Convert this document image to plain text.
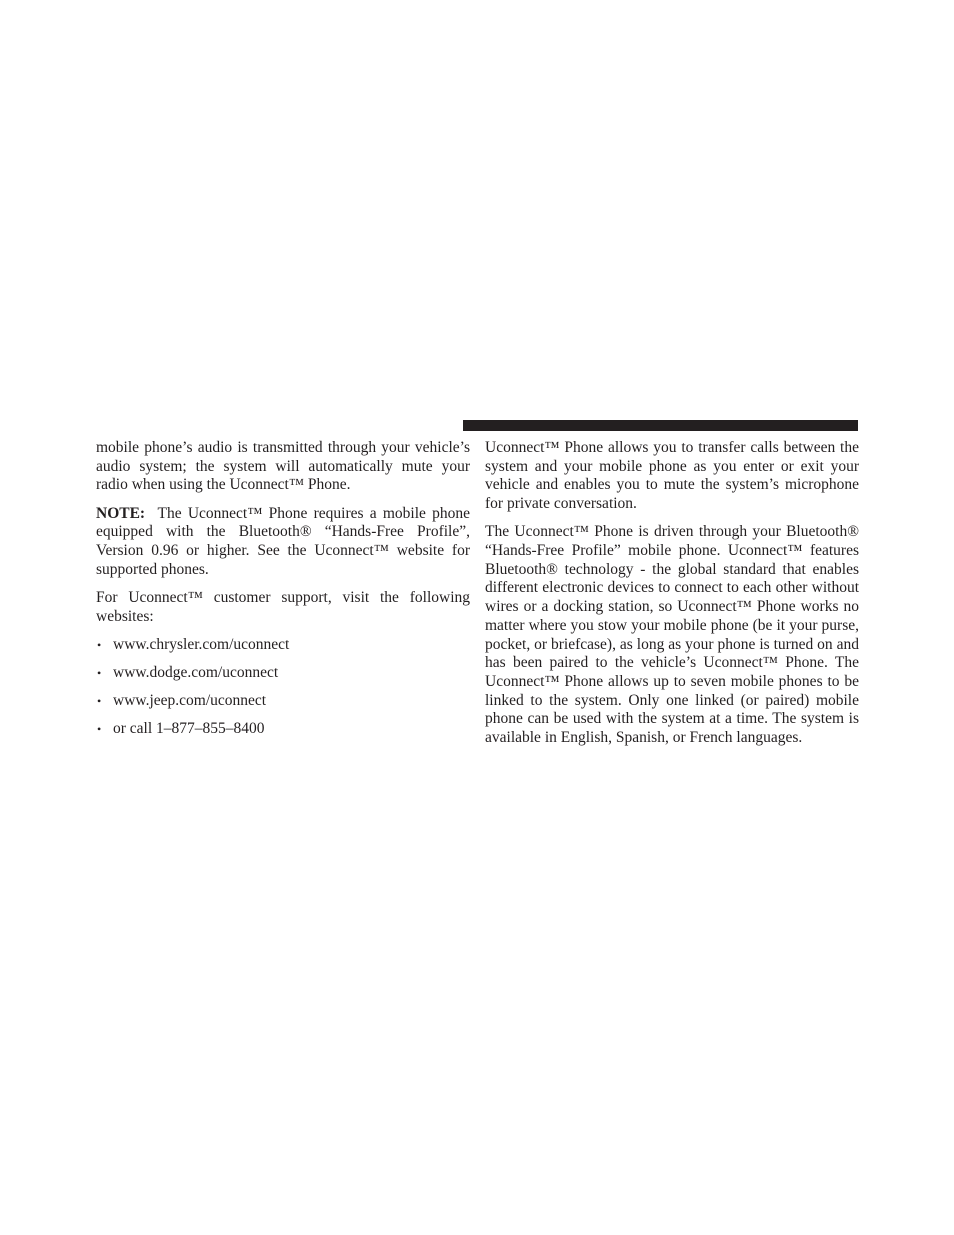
mobile phone’s audio is transmitted through your vehicle’s audio system; the system will automatically mute your radio when using the Uconnect™ Phone.

NOTE: The Uconnect™ Phone requires a mobile phone equipped with the Bluetooth® “Hands-Free Profile”, Version 0.96 or higher. See the Uconnect™ website for supported phones.

For Uconnect™ customer support, visit the following websites:

• www.chrysler.com/uconnect
• www.dodge.com/uconnect
• www.jeep.com/uconnect
• or call 1–877–855–8400

Uconnect™ Phone allows you to transfer calls between the system and your mobile phone as you enter or exit your vehicle and enables you to mute the system’s microphone for private conversation.

The Uconnect™ Phone is driven through your Bluetooth® “Hands-Free Profile” mobile phone. Uconnect™ features Bluetooth® technology - the global standard that enables different electronic devices to connect to each other without wires or a docking station, so Uconnect™ Phone works no matter where you stow your mobile phone (be it your purse, pocket, or briefcase), as long as your phone is turned on and has been paired to the vehicle’s Uconnect™ Phone. The Uconnect™ Phone allows up to seven mobile phones to be linked to the system. Only one linked (or paired) mobile phone can be used with the system at a time. The system is available in English, Spanish, or French languages.
